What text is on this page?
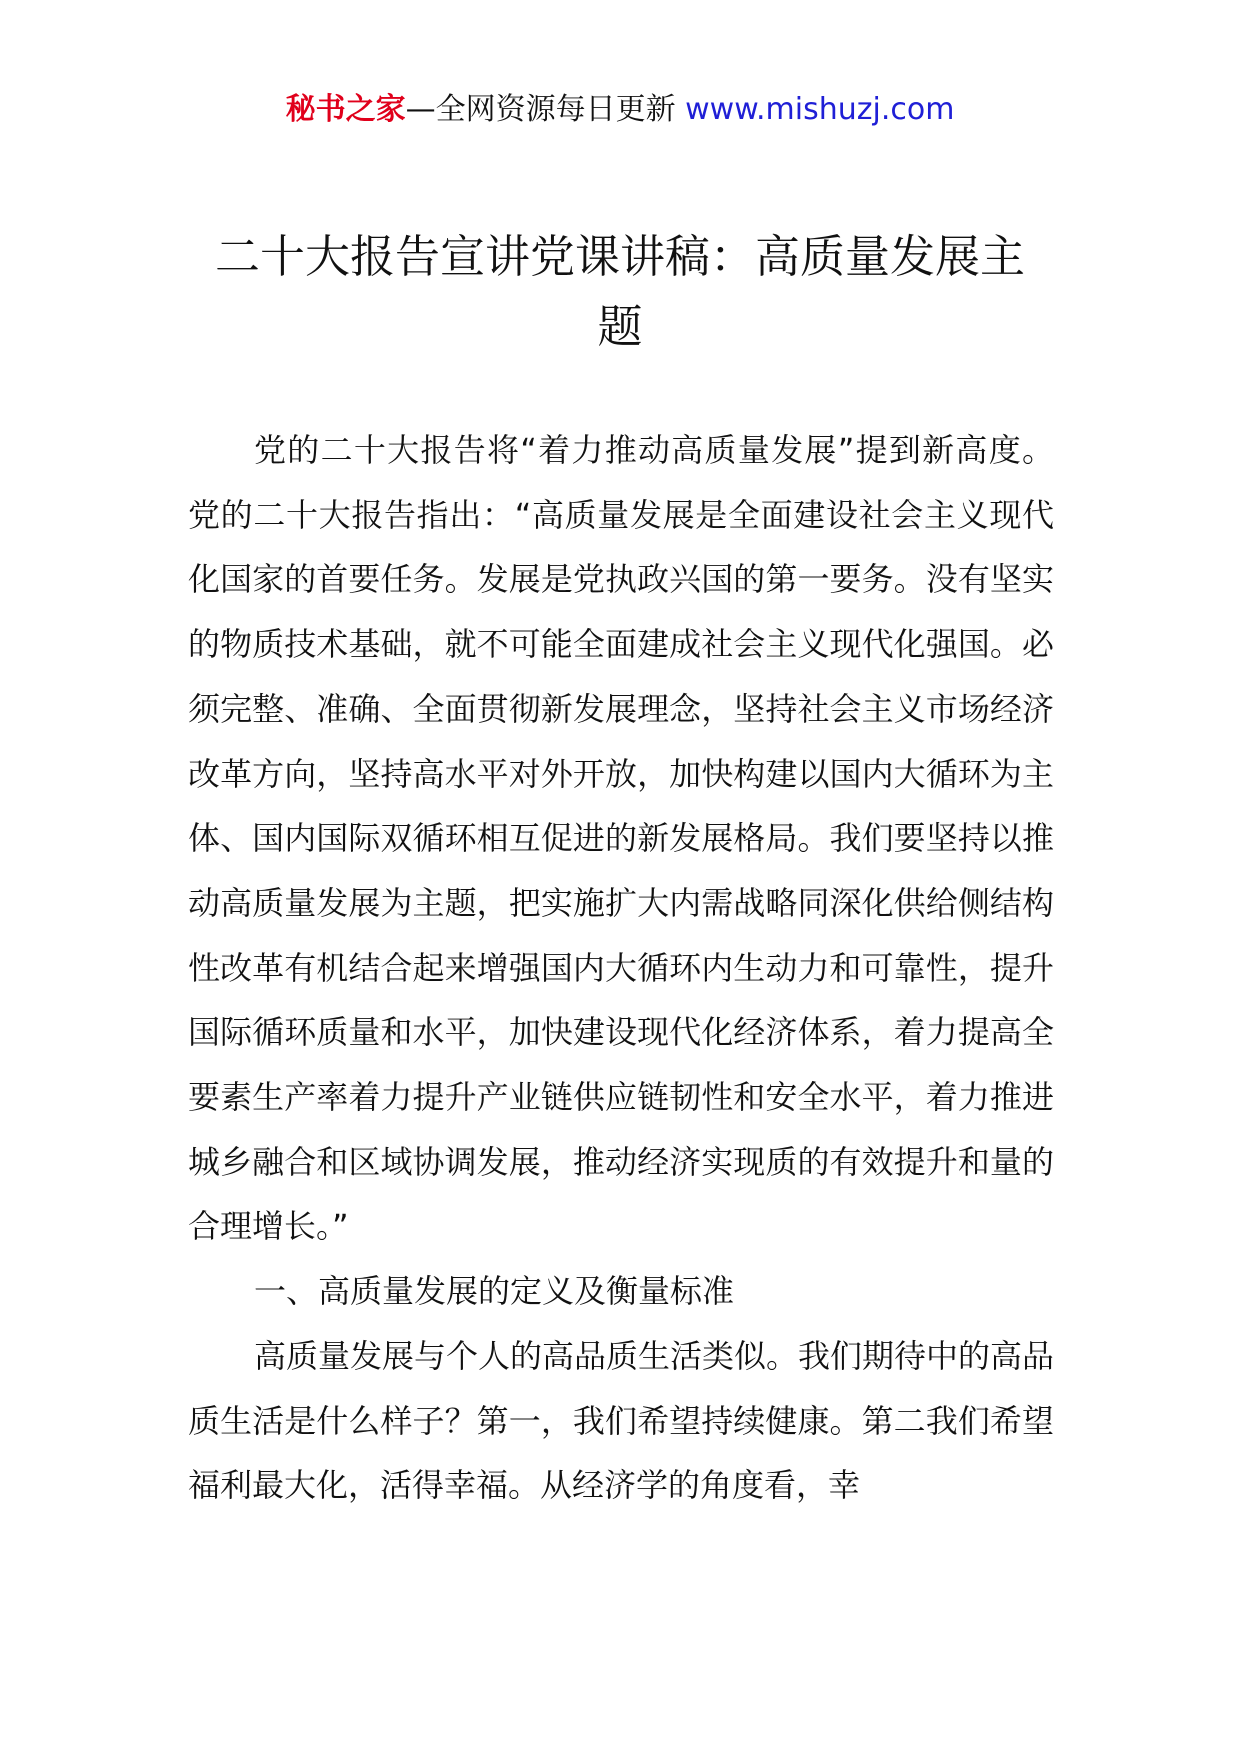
秘书之家—全网资源每日更新 www.mishuzj.com
二十大报告宣讲党课讲稿：高质量发展主题

党的二十大报告将“着力推动高质量发展”提到新高度。党的二十大报告指出：“高质量发展是全面建设社会主义现代化国家的首要任务。发展是党执政兴国的第一要务。没有坚实的物质技术基础，就不可能全面建成社会主义现代化强国。必须完整、准确、全面贯彻新发展理念，坚持社会主义市场经济改革方向，坚持高水平对外开放，加快构建以国内大循环为主体、国内国际双循环相互促进的新发展格局。我们要坚持以推动高质量发展为主题，把实施扩大内需战略同深化供给侧结构性改革有机结合起来增强国内大循环内生动力和可靠性，提升国际循环质量和水平，加快建设现代化经济体系，着力提高全要素生产率着力提升产业链供应链韧性和安全水平，着力推进城乡融合和区域协调发展，推动经济实现质的有效提升和量的合理增长。”

一、高质量发展的定义及衡量标准

高质量发展与个人的高品质生活类似。我们期待中的高品质生活是什么样子？第一，我们希望持续健康。第二我们希望福利最大化，活得幸福。从经济学的角度看，幸
